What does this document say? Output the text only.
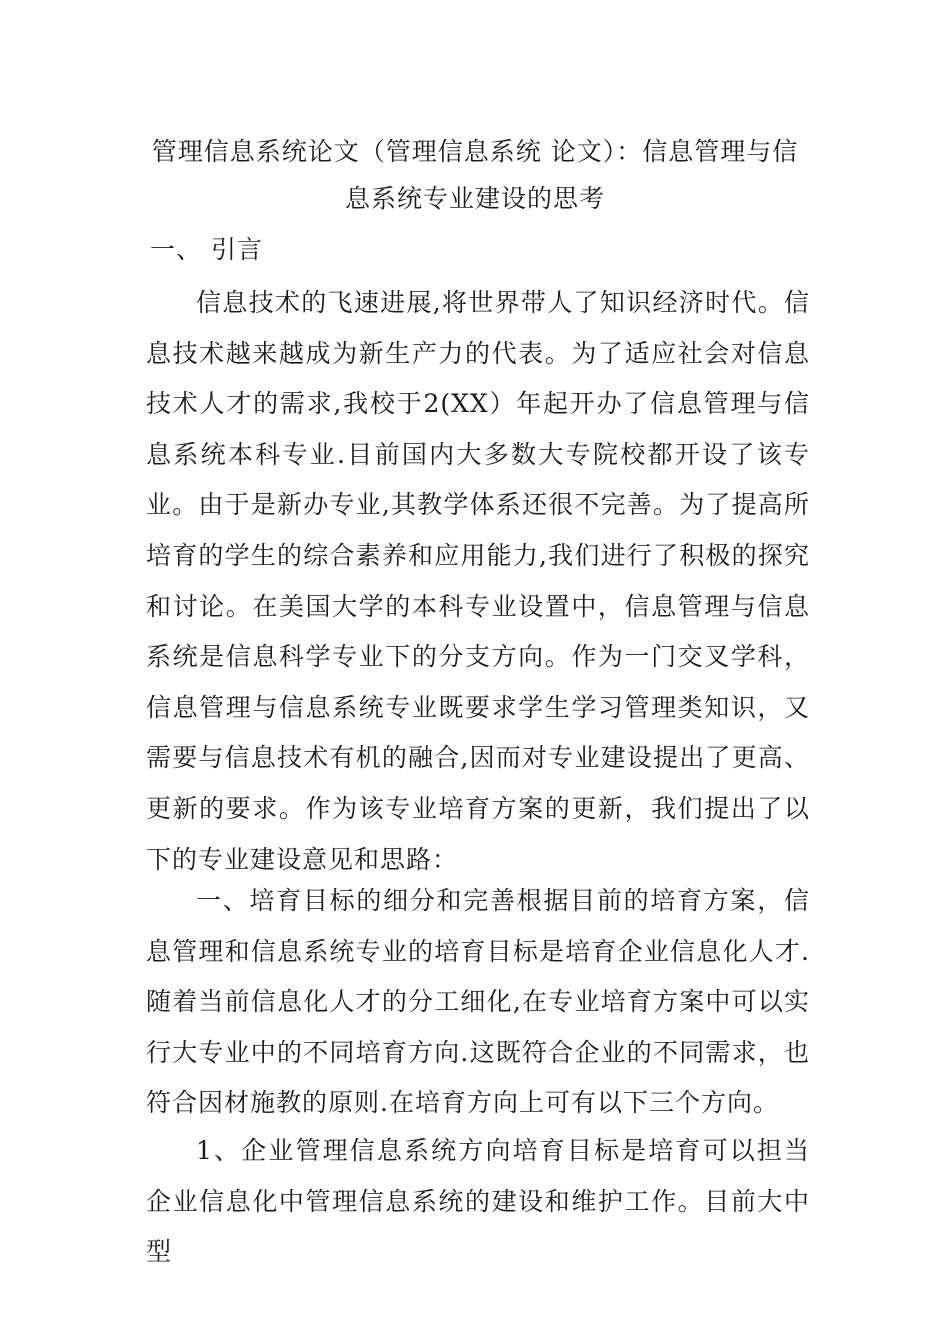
管理信息系统论文（管理信息系统 论文）：信息管理与信息系统专业建设的思考
一、 引言

信息技术的飞速进展,将世界带人了知识经济时代。信息技术越来越成为新生产力的代表。为了适应社会对信息技术人才的需求,我校于2(XX）年起开办了信息管理与信息系统本科专业.目前国内大多数大专院校都开设了该专业。由于是新办专业,其教学体系还很不完善。为了提高所培育的学生的综合素养和应用能力,我们进行了积极的探究和讨论。在美国大学的本科专业设置中，信息管理与信息系统是信息科学专业下的分支方向。作为一门交叉学科，信息管理与信息系统专业既要求学生学习管理类知识，又需要与信息技术有机的融合,因而对专业建设提出了更高、更新的要求。作为该专业培育方案的更新，我们提出了以下的专业建设意见和思路：

一、培育目标的细分和完善根据目前的培育方案，信息管理和信息系统专业的培育目标是培育企业信息化人才.随着当前信息化人才的分工细化,在专业培育方案中可以实行大专业中的不同培育方向.这既符合企业的不同需求，也符合因材施教的原则.在培育方向上可有以下三个方向。

1、企业管理信息系统方向培育目标是培育可以担当企业信息化中管理信息系统的建设和维护工作。目前大中型
